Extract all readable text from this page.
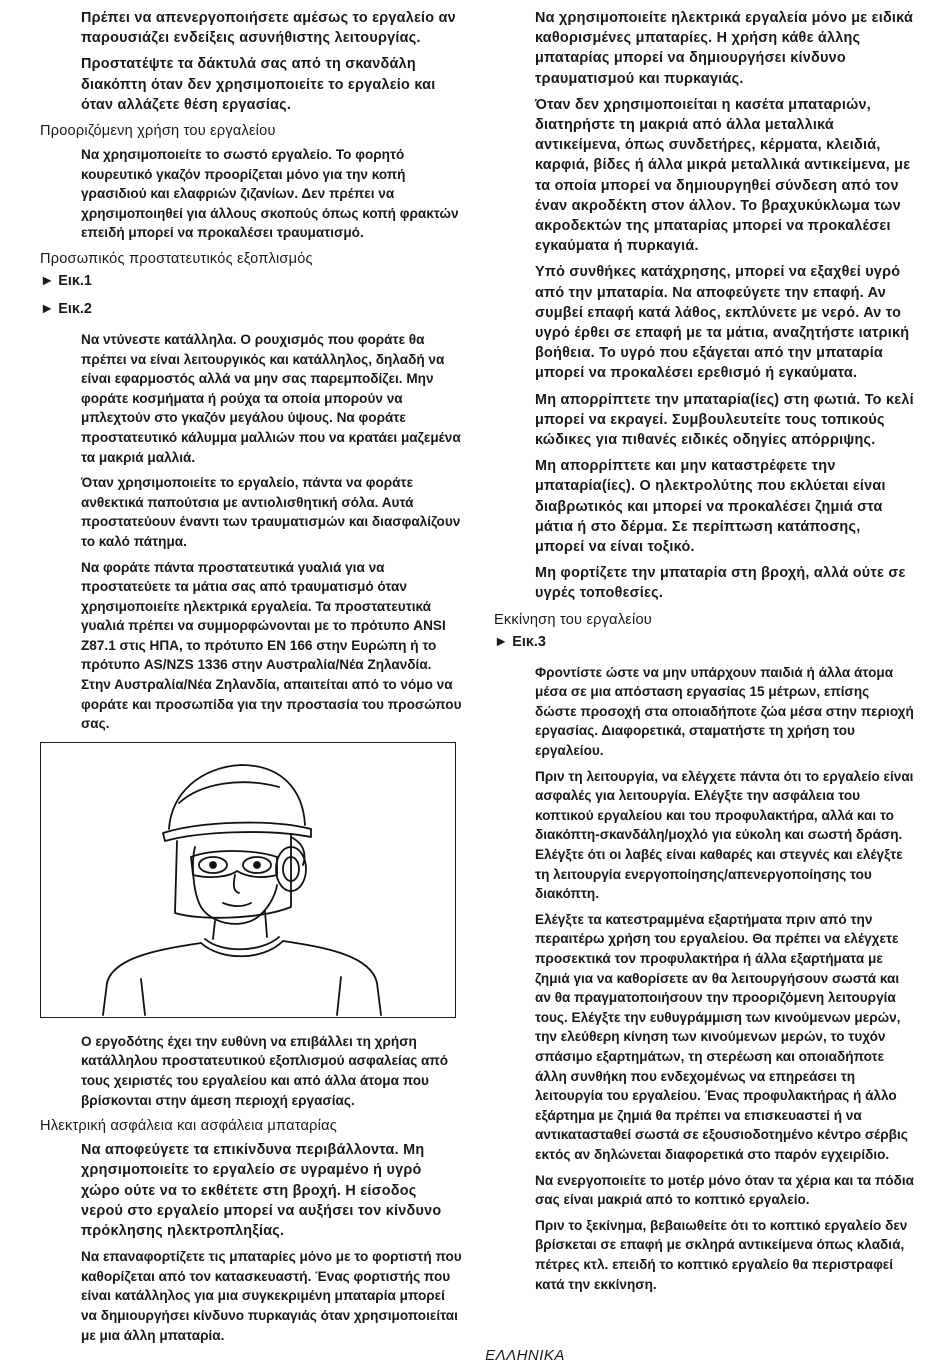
Πρέπει να απενεργοποιήσετε αμέσως το εργαλείο αν παρουσιάζει ενδείξεις ασυνήθιστης λειτουργίας.

Προστατέψτε τα δάκτυλά σας από τη σκανδάλη διακόπτη όταν δεν χρησιμοποιείτε το εργαλείο και όταν αλλάζετε θέση εργασίας.

Προοριζόμενη χρήση του εργαλείου

Να χρησιμοποιείτε το σωστό εργαλείο. Το φορητό κουρευτικό γκαζόν προορίζεται μόνο για την κοπή γρασιδιού και ελαφριών ζιζανίων. Δεν πρέπει να χρησιμοποιηθεί για άλλους σκοπούς όπως κοπή φρακτών επειδή μπορεί να προκαλέσει τραυματισμό.

Προσωπικός προστατευτικός εξοπλισμός

► Εικ.1

► Εικ.2

Να ντύνεστε κατάλληλα. Ο ρουχισμός που φοράτε θα πρέπει να είναι λειτουργικός και κατάλληλος, δηλαδή να είναι εφαρμοστός αλλά να μην σας παρεμποδίζει. Μην φοράτε κοσμήματα ή ρούχα τα οποία μπορούν να μπλεχτούν στο γκαζόν μεγάλου ύψους. Να φοράτε προστατευτικό κάλυμμα μαλλιών που να κρατάει μαζεμένα τα μακριά μαλλιά.

Όταν χρησιμοποιείτε το εργαλείο, πάντα να φοράτε ανθεκτικά παπούτσια με αντιολισθητική σόλα. Αυτά προστατεύουν έναντι των τραυματισμών και διασφαλίζουν το καλό πάτημα.

Να φοράτε πάντα προστατευτικά γυαλιά για να προστατεύετε τα μάτια σας από τραυματισμό όταν χρησιμοποιείτε ηλεκτρικά εργαλεία. Τα προστατευτικά γυαλιά πρέπει να συμμορφώνονται με το πρότυπο ANSI Z87.1 στις ΗΠΑ, το πρότυπο EN 166 στην Ευρώπη ή το πρότυπο AS/NZS 1336 στην Αυστραλία/Νέα Ζηλανδία. Στην Αυστραλία/Νέα Ζηλανδία, απαιτείται από το νόμο να φοράτε και προσωπίδα για την προστασία του προσώπου σας.

Ο εργοδότης έχει την ευθύνη να επιβάλλει τη χρήση κατάλληλου προστατευτικού εξοπλισμού ασφαλείας από τους χειριστές του εργαλείου και από άλλα άτομα που βρίσκονται στην άμεση περιοχή εργασίας.

Ηλεκτρική ασφάλεια και ασφάλεια μπαταρίας

Να αποφεύγετε τα επικίνδυνα περιβάλλοντα. Μη χρησιμοποιείτε το εργαλείο σε υγραμένο ή υγρό χώρο ούτε να το εκθέτετε στη βροχή. Η είσοδος νερού στο εργαλείο μπορεί να αυξήσει τον κίνδυνο πρόκλησης ηλεκτροπληξίας.

Να επαναφορτίζετε τις μπαταρίες μόνο με το φορτιστή που καθορίζεται από τον κατασκευαστή. Ένας φορτιστής που είναι κατάλληλος για μια συγκεκριμένη μπαταρία μπορεί να δημιουργήσει κίνδυνο πυρκαγιάς όταν χρησιμοποιείται με μια άλλη μπαταρία.

Να χρησιμοποιείτε ηλεκτρικά εργαλεία μόνο με ειδικά καθορισμένες μπαταρίες. Η χρήση κάθε άλλης μπαταρίας μπορεί να δημιουργήσει κίνδυνο τραυματισμού και πυρκαγιάς.

Όταν δεν χρησιμοποιείται η κασέτα μπαταριών, διατηρήστε τη μακριά από άλλα μεταλλικά αντικείμενα, όπως συνδετήρες, κέρματα, κλειδιά, καρφιά, βίδες ή άλλα μικρά μεταλλικά αντικείμενα, με τα οποία μπορεί να δημιουργηθεί σύνδεση από τον έναν ακροδέκτη στον άλλον. Το βραχυκύκλωμα των ακροδεκτών της μπαταρίας μπορεί να προκαλέσει εγκαύματα ή πυρκαγιά.

Υπό συνθήκες κατάχρησης, μπορεί να εξαχθεί υγρό από την μπαταρία. Να αποφεύγετε την επαφή. Αν συμβεί επαφή κατά λάθος, εκπλύνετε με νερό. Αν το υγρό έρθει σε επαφή με τα μάτια, αναζητήστε ιατρική βοήθεια. Το υγρό που εξάγεται από την μπαταρία μπορεί να προκαλέσει ερεθισμό ή εγκαύματα.

Μη απορρίπτετε την μπαταρία(ίες) στη φωτιά. Το κελί μπορεί να εκραγεί. Συμβουλευτείτε τους τοπικούς κώδικες για πιθανές ειδικές οδηγίες απόρριψης.

Μη απορρίπτετε και μην καταστρέφετε την μπαταρία(ίες). Ο ηλεκτρολύτης που εκλύεται είναι διαβρωτικός και μπορεί να προκαλέσει ζημιά στα μάτια ή στο δέρμα. Σε περίπτωση κατάποσης, μπορεί να είναι τοξικό.

Μη φορτίζετε την μπαταρία στη βροχή, αλλά ούτε σε υγρές τοποθεσίες.

Εκκίνηση του εργαλείου

► Εικ.3

Φροντίστε ώστε να μην υπάρχουν παιδιά ή άλλα άτομα μέσα σε μια απόσταση εργασίας 15 μέτρων, επίσης δώστε προσοχή στα οποιαδήποτε ζώα μέσα στην περιοχή εργασίας. Διαφορετικά, σταματήστε τη χρήση του εργαλείου.

Πριν τη λειτουργία, να ελέγχετε πάντα ότι το εργαλείο είναι ασφαλές για λειτουργία. Ελέγξτε την ασφάλεια του κοπτικού εργαλείου και του προφυλακτήρα, αλλά και το διακόπτη-σκανδάλη/μοχλό για εύκολη και σωστή δράση. Ελέγξτε ότι οι λαβές είναι καθαρές και στεγνές και ελέγξτε τη λειτουργία ενεργοποίησης/απενεργοποίησης του διακόπτη.

Ελέγξτε τα κατεστραμμένα εξαρτήματα πριν από την περαιτέρω χρήση του εργαλείου. Θα πρέπει να ελέγχετε προσεκτικά τον προφυλακτήρα ή άλλα εξαρτήματα με ζημιά για να καθορίσετε αν θα λειτουργήσουν σωστά και αν θα πραγματοποιήσουν την προοριζόμενη λειτουργία τους. Ελέγξτε την ευθυγράμμιση των κινούμενων μερών, την ελεύθερη κίνηση των κινούμενων μερών, το τυχόν σπάσιμο εξαρτημάτων, τη στερέωση και οποιαδήποτε άλλη συνθήκη που ενδεχομένως να επηρεάσει τη λειτουργία του εργαλείου. Ένας προφυλακτήρας ή άλλο εξάρτημα με ζημιά θα πρέπει να επισκευαστεί ή να αντικατασταθεί σωστά σε εξουσιοδοτημένο κέντρο σέρβις εκτός αν δηλώνεται διαφορετικά στο παρόν εγχειρίδιο.

Να ενεργοποιείτε το μοτέρ μόνο όταν τα χέρια και τα πόδια σας είναι μακριά από το κοπτικό εργαλείο.

Πριν το ξεκίνημα, βεβαιωθείτε ότι το κοπτικό εργαλείο δεν βρίσκεται σε επαφή με σκληρά αντικείμενα όπως κλαδιά, πέτρες κτλ. επειδή το κοπτικό εργαλείο θα περιστραφεί κατά την εκκίνηση.

ΕΛΛΗΝΙΚΑ
